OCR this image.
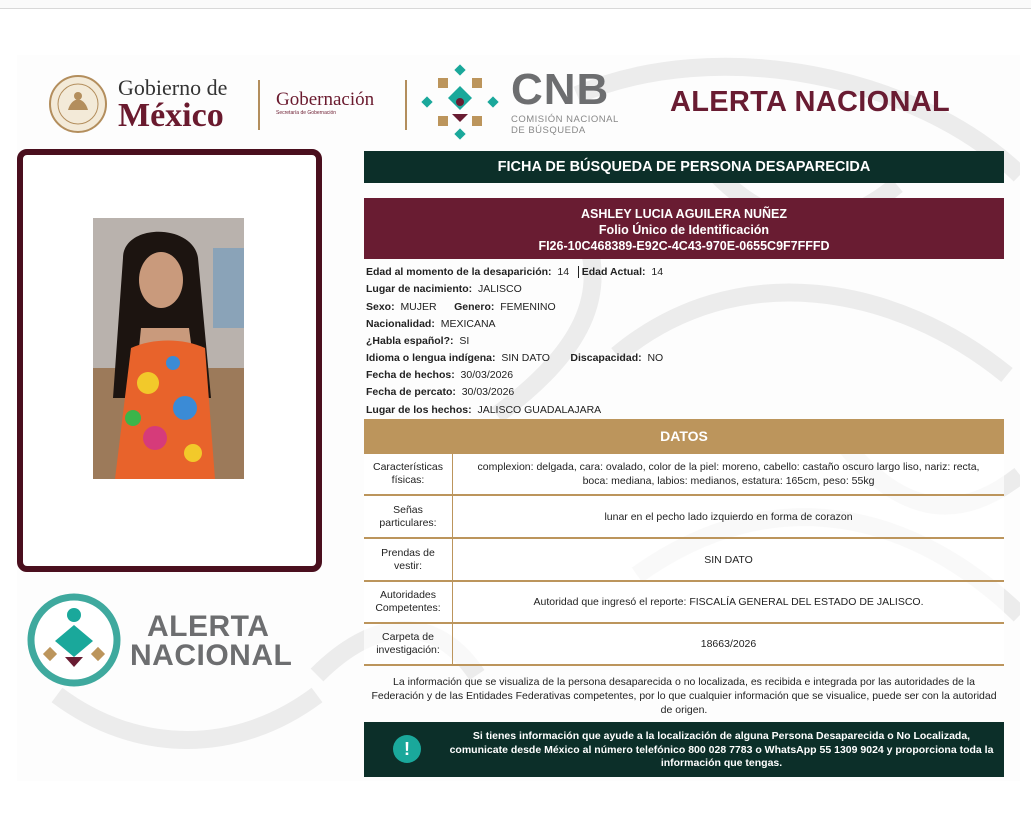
Gobierno de
México	Gobernación
Secretaría de Gobernación	CNB
COMISIÓN NACIONAL
DE BÚSQUEDA
ALERTA NACIONAL
ALERTA
NACIONAL
FICHA DE BÚSQUEDA DE PERSONA DESAPARECIDA
ASHLEY LUCIA AGUILERA NUÑEZ
Folio Único de Identificación
FI26-10C468389-E92C-4C43-970E-0655C9F7FFFD
Edad al momento de la desaparición: 14 Edad Actual: 14
Lugar de nacimiento: JALISCO
Sexo: MUJER Genero: FEMENINO
Nacionalidad: MEXICANA
¿Habla español?: SI
Idioma o lengua indígena: SIN DATO Discapacidad: NO
Fecha de hechos: 30/03/2026
Fecha de percato: 30/03/2026
Lugar de los hechos: JALISCO GUADALAJARA
DATOS
Características físicas:
complexion: delgada, cara: ovalado, color de la piel: moreno, cabello: castaño oscuro largo liso, nariz: recta, boca: mediana, labios: medianos, estatura: 165cm, peso: 55kg
Señas particulares:	lunar en el pecho lado izquierdo en forma de corazon
Prendas de vestir:	SIN DATO
Autoridades Competentes:	Autoridad que ingresó el reporte: FISCALÍA GENERAL DEL ESTADO DE JALISCO.
Carpeta de investigación:	18663/2026
La información que se visualiza de la persona desaparecida o no localizada, es recibida e integrada por las autoridades de la Federación y de las Entidades Federativas competentes, por lo que cualquier información que se visualice, puede ser con la autoridad de origen.
!
Si tienes información que ayude a la localización de alguna Persona Desaparecida o No Localizada, comunicate desde México al número telefónico 800 028 7783 o WhatsApp 55 1309 9024 y proporciona toda la información que tengas.
